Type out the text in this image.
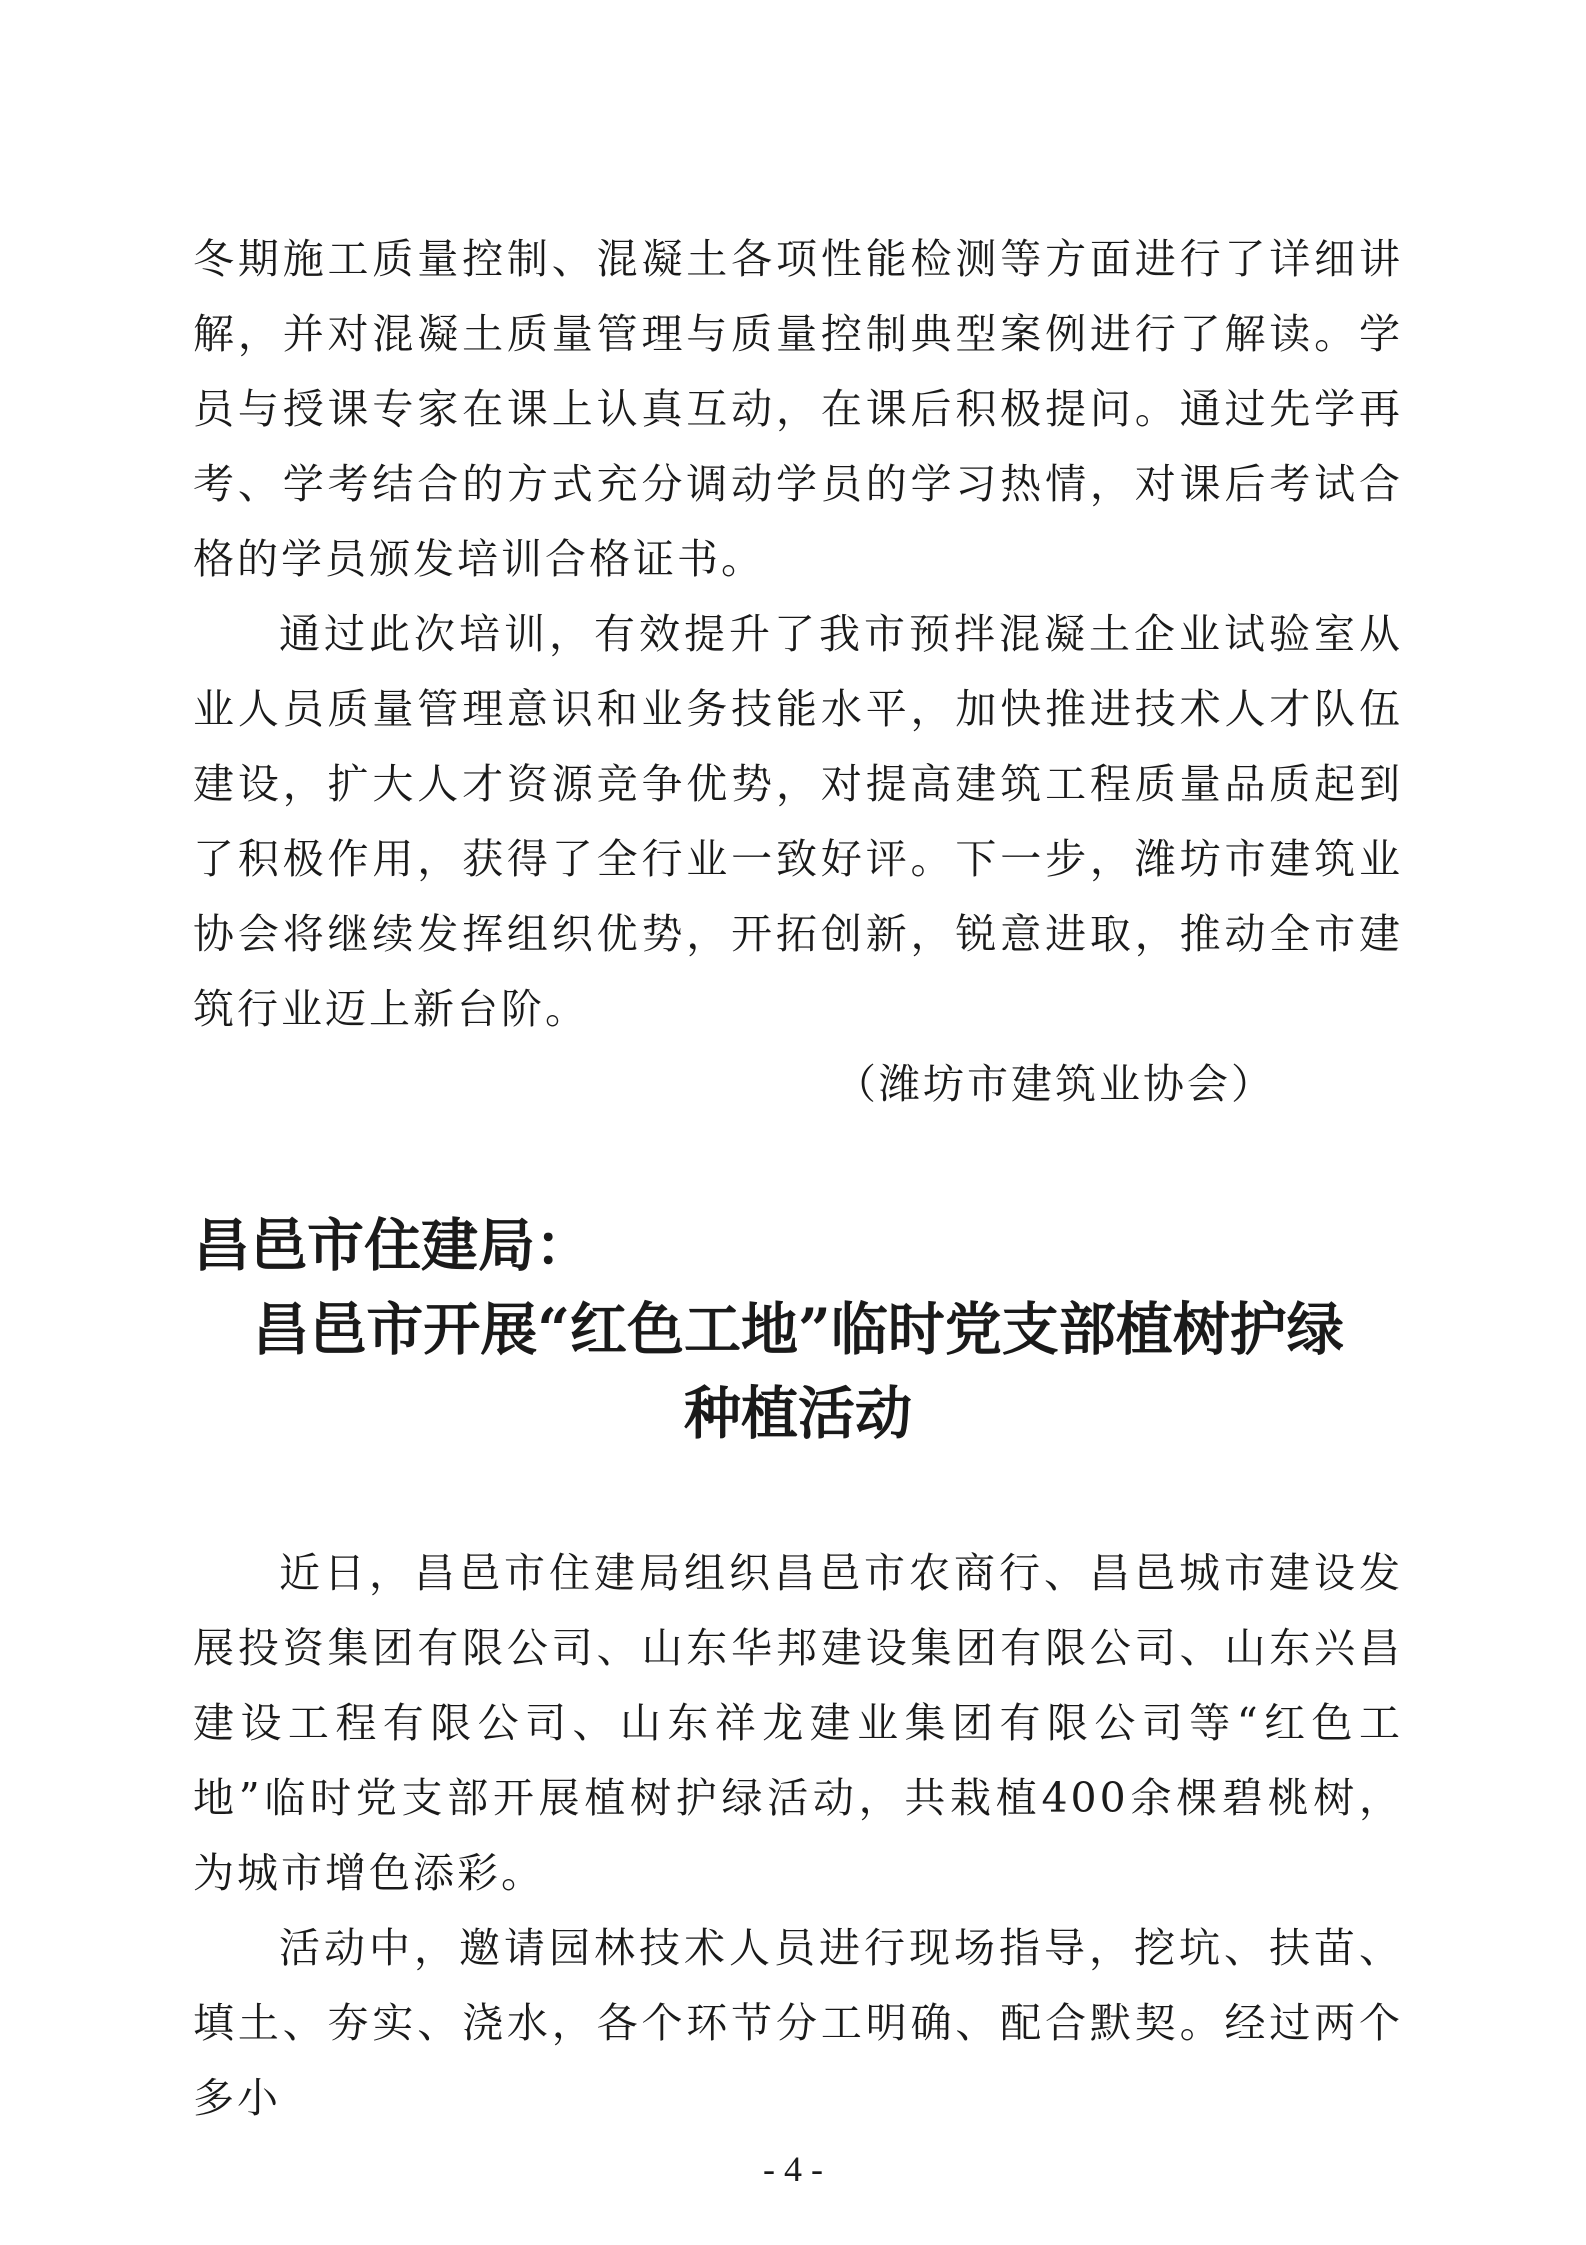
冬期施工质量控制、混凝土各项性能检测等方面进行了详细讲解，并对混凝土质量管理与质量控制典型案例进行了解读。学员与授课专家在课上认真互动，在课后积极提问。通过先学再考、学考结合的方式充分调动学员的学习热情，对课后考试合格的学员颁发培训合格证书。

通过此次培训，有效提升了我市预拌混凝土企业试验室从业人员质量管理意识和业务技能水平，加快推进技术人才队伍建设，扩大人才资源竞争优势，对提高建筑工程质量品质起到了积极作用，获得了全行业一致好评。下一步，潍坊市建筑业协会将继续发挥组织优势，开拓创新，锐意进取，推动全市建筑行业迈上新台阶。

（潍坊市建筑业协会）

昌邑市住建局：
昌邑市开展“红色工地”临时党支部植树护绿
种植活动

近日，昌邑市住建局组织昌邑市农商行、昌邑城市建设发展投资集团有限公司、山东华邦建设集团有限公司、山东兴昌建设工程有限公司、山东祥龙建业集团有限公司等“红色工地”临时党支部开展植树护绿活动，共栽植400余棵碧桃树，为城市增色添彩。

活动中，邀请园林技术人员进行现场指导，挖坑、扶苗、填土、夯实、浇水，各个环节分工明确、配合默契。经过两个多小

- 4 -
